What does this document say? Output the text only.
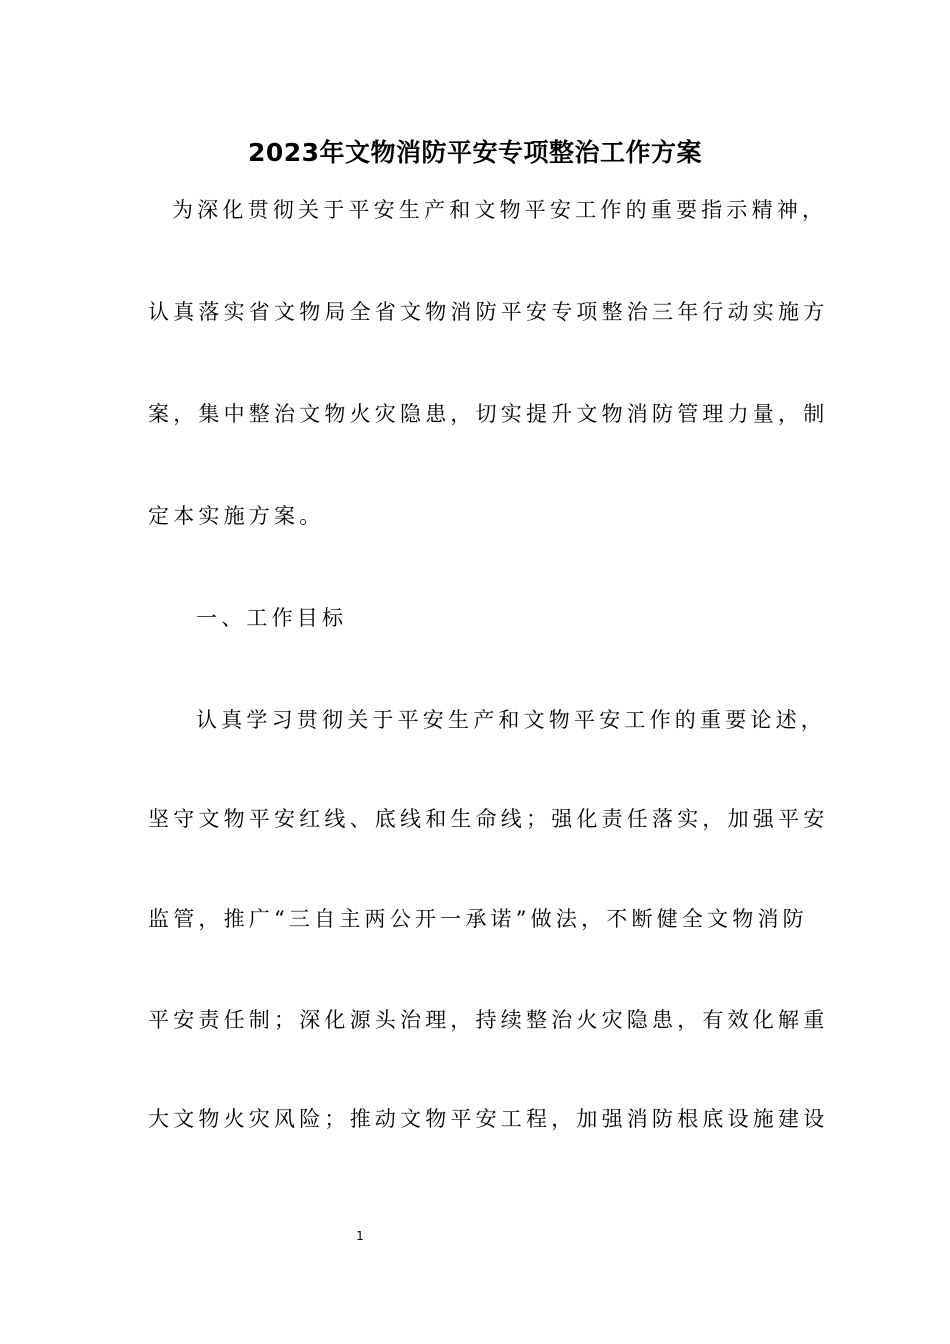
2023年文物消防平安专项整治工作方案
为深化贯彻关于平安生产和文物平安工作的重要指示精神，
认真落实省文物局全省文物消防平安专项整治三年行动实施方
案，集中整治文物火灾隐患，切实提升文物消防管理力量，制
定本实施方案。
一、工作目标
认真学习贯彻关于平安生产和文物平安工作的重要论述，
坚守文物平安红线、底线和生命线；强化责任落实，加强平安
监管，推广“三自主两公开一承诺”做法，不断健全文物消防
平安责任制；深化源头治理，持续整治火灾隐患，有效化解重
大文物火灾风险；推动文物平安工程，加强消防根底设施建设
1
